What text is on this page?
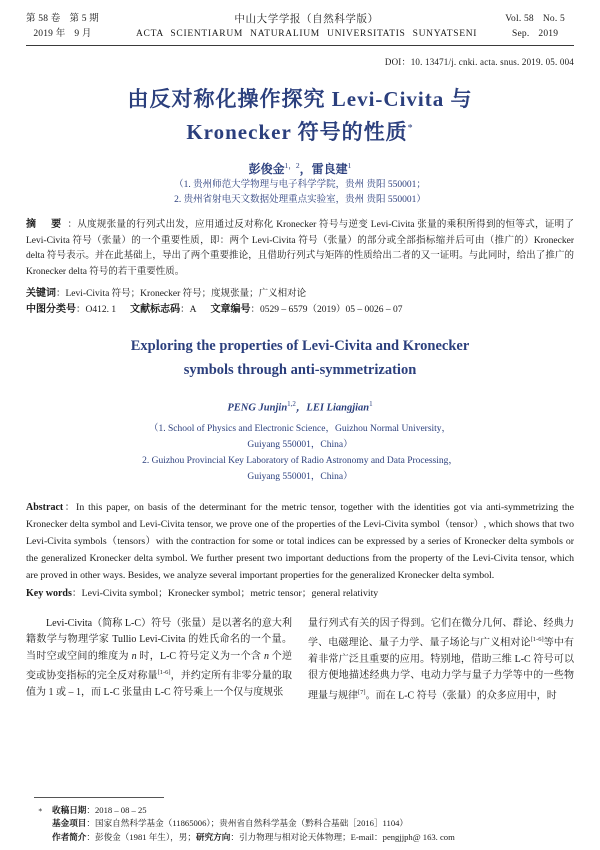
第 58 卷 第 5 期
2019 年 9 月
中山大学学报（自然科学版）
ACTA SCIENTIARUM NATURALIUM UNIVERSITATIS SUNYATSENI
Vol. 58 No. 5
Sep. 2019
DOI：10. 13471/j. cnki. acta. snus. 2019. 05. 004
由反对称化操作探究 Levi-Civita 与
Kronecker 符号的性质*
彭俊金$^{1,2}$，雷良建$^1$
（1. 贵州师范大学物理与电子科学学院，贵州 贵阳 550001；
2. 贵州省射电天文数据处理重点实验室，贵州 贵阳 550001）
摘 要：从度规张量的行列式出发，应用通过反对称化 Kronecker 符号与逆变 Levi-Civita 张量的乘积所得到的恒等式，证明了 Levi-Civita 符号（张量）的一个重要性质，即：两个 Levi-Civita 符号（张量）的部分或全部指标缩并后可由（推广的）Kronecker delta 符号表示。并在此基础上，导出了两个重要推论，且借助行列式与矩阵的性质给出二者的又一证明。与此同时，给出了推广的 Kronecker delta 符号的若干重要性质。
关键词：Levi-Civita 符号；Kronecker 符号；度规张量；广义相对论
中图分类号：O412. 1 文献标志码：A 文章编号：0529 – 6579（2019）05 – 0026 – 07
Exploring the properties of Levi-Civita and Kronecker
symbols through anti-symmetrization
PENG Junjin$^{1,2}$，LEI Liangjian$^1$
（1. School of Physics and Electronic Science，Guizhou Normal University，
Guiyang 550001，China）
2. Guizhou Provincial Key Laboratory of Radio Astronomy and Data Processing，
Guiyang 550001，China）
Abstract：In this paper, on basis of the determinant for the metric tensor, together with the identities got via anti-symmetrizing the Kronecker delta symbol and Levi-Civita tensor, we prove one of the properties of the Levi-Civita symbol（tensor）, which shows that two Levi-Civita symbols（tensors）with the contraction for some or total indices can be expressed by a series of Kronecker delta symbols or the generalized Kronecker delta symbol. We further present two important deductions from the property of the Levi-Civita tensor, which are proved in other ways. Besides, we analyze several important properties for the generalized Kronecker delta symbol.
Key words：Levi-Civita symbol；Kronecker symbol；metric tensor；general relativity

Levi-Civita（简称 L-C）符号（张量）是以著名的意大利籍数学与物理学家 Tullio Levi-Civita 的姓氏命名的一个量。当时空或空间的维度为 n 时，L-C 符号定义为一个含 n 个逆变或协变指标的完全反对称量[1-6]，并约定所有非零分量的取值为 1 或 – 1，而 L-C 张量由 L-C 符号乘上一个仅与度规张

量行列式有关的因子得到。它们在微分几何、群论、经典力学、电磁理论、量子力学、量子场论与广义相对论[1-6]等中有着非常广泛且重要的应用。特别地，借助三维 L-C 符号可以很方便地描述经典力学、电动力学与量子力学等中的一些物理量与规律[7]。而在 L-C 符号（张量）的众多应用中，时

∗ 收稿日期：2018 – 08 – 25
基金项目：国家自然科学基金（11865006）；贵州省自然科学基金（黔科合基础［2016］1104）
作者简介：彭俊金（1981 年生），男；研究方向：引力物理与相对论天体物理；E-mail：pengjjph@ 163. com
